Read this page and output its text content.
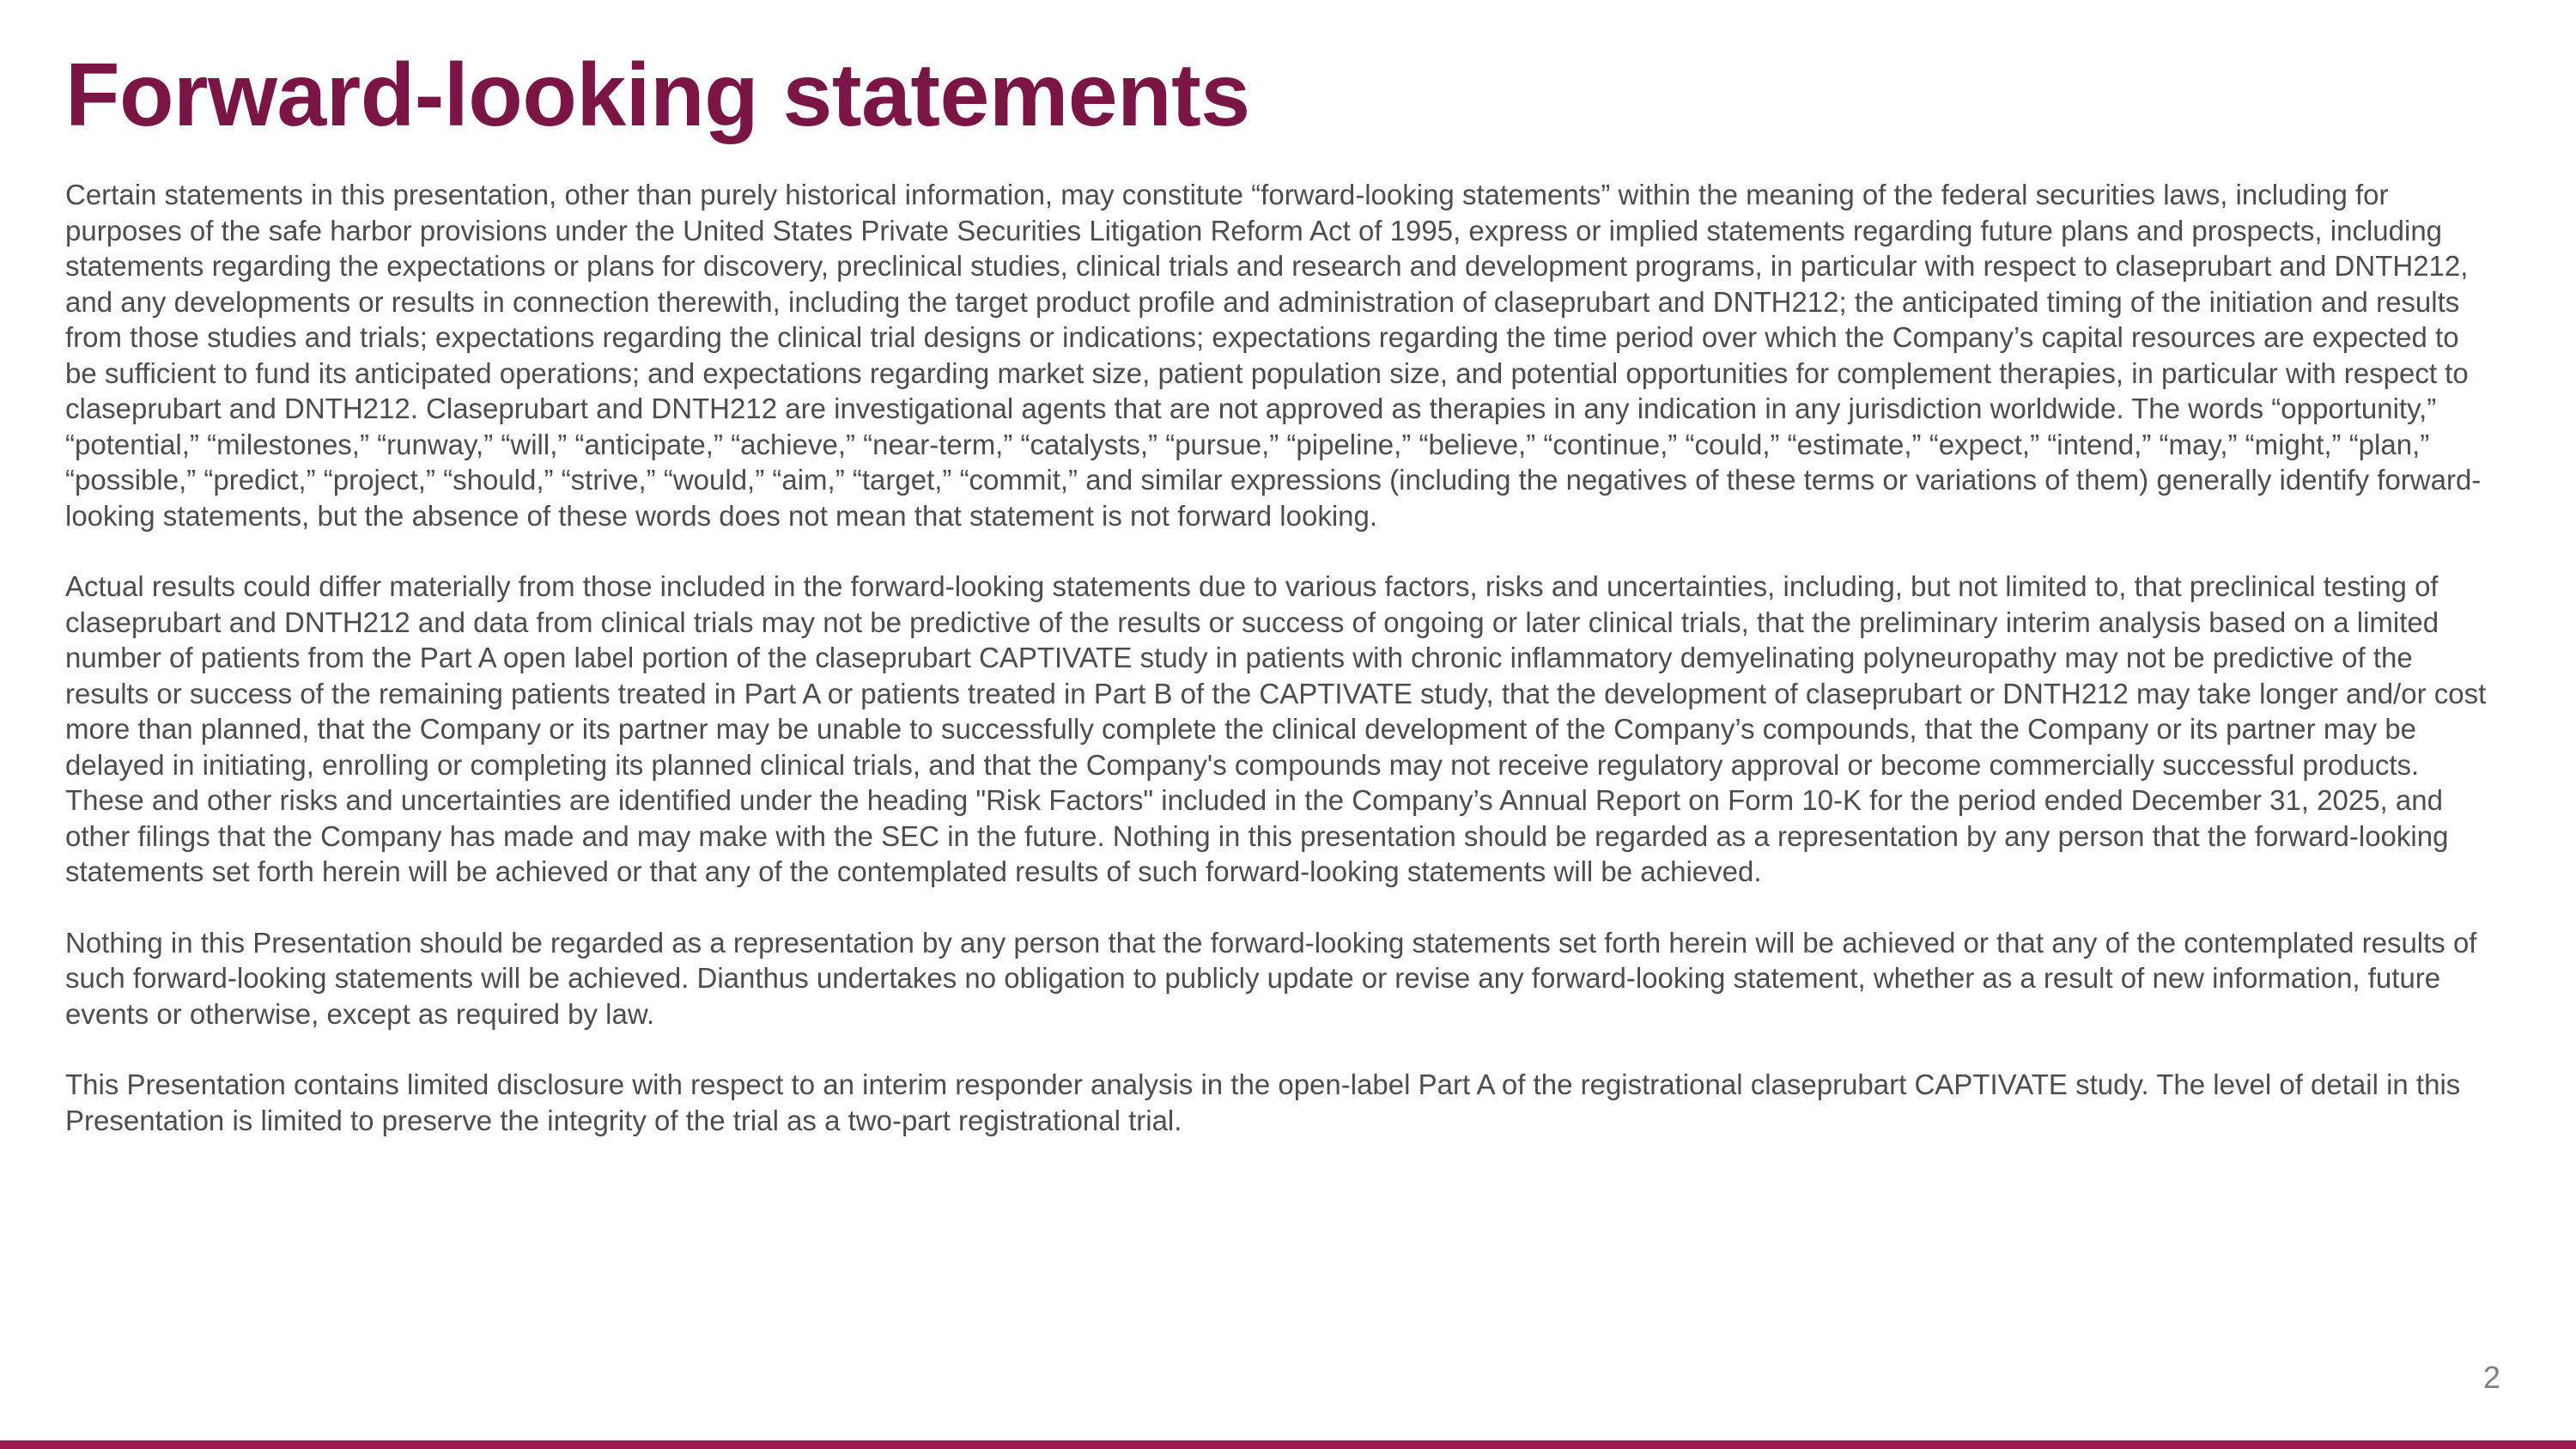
Forward-looking statements

Certain statements in this presentation, other than purely historical information, may constitute “forward-looking statements” within the meaning of the federal securities laws, including for purposes of the safe harbor provisions under the United States Private Securities Litigation Reform Act of 1995, express or implied statements regarding future plans and prospects, including statements regarding the expectations or plans for discovery, preclinical studies, clinical trials and research and development programs, in particular with respect to claseprubart and DNTH212, and any developments or results in connection therewith, including the target product profile and administration of claseprubart and DNTH212; the anticipated timing of the initiation and results from those studies and trials; expectations regarding the clinical trial designs or indications; expectations regarding the time period over which the Company’s capital resources are expected to be sufficient to fund its anticipated operations; and expectations regarding market size, patient population size, and potential opportunities for complement therapies, in particular with respect to claseprubart and DNTH212. Claseprubart and DNTH212 are investigational agents that are not approved as therapies in any indication in any jurisdiction worldwide. The words “opportunity,” “potential,” “milestones,” “runway,” “will,” “anticipate,” “achieve,” “near-term,” “catalysts,” “pursue,” “pipeline,” “believe,” “continue,” “could,” “estimate,” “expect,” “intend,” “may,” “might,” “plan,” “possible,” “predict,” “project,” “should,” “strive,” “would,” “aim,” “target,” “commit,” and similar expressions (including the negatives of these terms or variations of them) generally identify forward-looking statements, but the absence of these words does not mean that statement is not forward looking.

Actual results could differ materially from those included in the forward-looking statements due to various factors, risks and uncertainties, including, but not limited to, that preclinical testing of claseprubart and DNTH212 and data from clinical trials may not be predictive of the results or success of ongoing or later clinical trials, that the preliminary interim analysis based on a limited number of patients from the Part A open label portion of the claseprubart CAPTIVATE study in patients with chronic inflammatory demyelinating polyneuropathy may not be predictive of the results or success of the remaining patients treated in Part A or patients treated in Part B of the CAPTIVATE study, that the development of claseprubart or DNTH212 may take longer and/or cost more than planned, that the Company or its partner may be unable to successfully complete the clinical development of the Company’s compounds, that the Company or its partner may be delayed in initiating, enrolling or completing its planned clinical trials, and that the Company's compounds may not receive regulatory approval or become commercially successful products. These and other risks and uncertainties are identified under the heading "Risk Factors" included in the Company’s Annual Report on Form 10-K for the period ended December 31, 2025, and other filings that the Company has made and may make with the SEC in the future. Nothing in this presentation should be regarded as a representation by any person that the forward-looking statements set forth herein will be achieved or that any of the contemplated results of such forward-looking statements will be achieved.

Nothing in this Presentation should be regarded as a representation by any person that the forward-looking statements set forth herein will be achieved or that any of the contemplated results of such forward-looking statements will be achieved. Dianthus undertakes no obligation to publicly update or revise any forward-looking statement, whether as a result of new information, future events or otherwise, except as required by law.

This Presentation contains limited disclosure with respect to an interim responder analysis in the open-label Part A of the registrational claseprubart CAPTIVATE study. The level of detail in this Presentation is limited to preserve the integrity of the trial as a two-part registrational trial.

2
